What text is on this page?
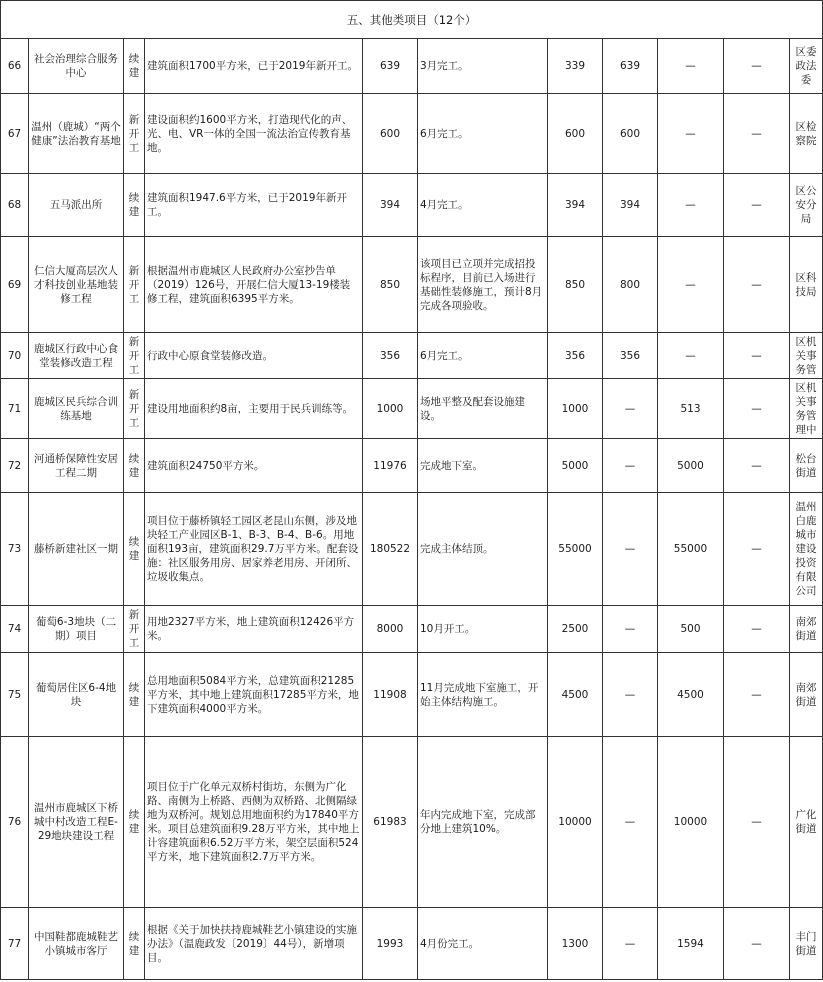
五、其他类项目（12个）										
66	社会治理综合服务中心	续建	建筑面积1700平方米，已于2019年新开工。	639	3月完工。	339	639	—	—	区委政法委
67	温州（鹿城）“两个健康”法治教育基地	新开工	建设面积约1600平方米，打造现代化的声、光、电、VR一体的全国一流法治宣传教育基地。	600	6月完工。	600	600	—	—	区检察院
68	五马派出所	续建	建筑面积1947.6平方米，已于2019年新开工。	394	4月完工。	394	394	—	—	区公安分局
69	仁信大厦高层次人才科技创业基地装修工程	新开工	根据温州市鹿城区人民政府办公室抄告单（2019）126号，开展仁信大厦13-19楼装修工程，建筑面积6395平方米。	850	该项目已立项并完成招投标程序，目前已入场进行基础性装修施工，预计8月完成各项验收。	850	800	—	—	区科技局
70	鹿城区行政中心食堂装修改造工程	新开工	行政中心原食堂装修改造。	356	6月完工。	356	356	—	—	区机关事务管
71	鹿城区民兵综合训练基地	新开工	建设用地面积约8亩，主要用于民兵训练等。	1000	场地平整及配套设施建设。	1000	—	513	—	区机关事务管理中
72	河通桥保障性安居工程二期	续建	建筑面积24750平方米。	11976	完成地下室。	5000	—	5000	—	松台街道
73	藤桥新建社区一期	续建	项目位于藤桥镇轻工园区老昆山东侧，涉及地块轻工产业园区B-1、B-3、B-4、B-6。用地面积193亩，建筑面积29.7万平方米。配套设施：社区服务用房、居家养老用房、开闭所、垃圾收集点。	180522	完成主体结顶。	55000	—	55000	—	温州白鹿城市建设投资有限公司
74	葡萄6-3地块（二期）项目	新开工	用地2327平方米，地上建筑面积12426平方米。	8000	10月开工。	2500	—	500	—	南郊街道
75	葡萄居住区6-4地块	续建	总用地面积5084平方米，总建筑面积21285平方米，其中地上建筑面积17285平方米，地下建筑面积4000平方米。	11908	11月完成地下室施工，开始主体结构施工。	4500	—	4500	—	南郊街道
76	温州市鹿城区下桥城中村改造工程E-29地块建设工程	续建	项目位于广化单元双桥村街坊，东侧为广化路、南侧为上桥路、西侧为双桥路、北侧隔绿地为双桥河。规划总用地面积约为17840平方米。项目总建筑面积9.28万平方米，其中地上计容建筑面积6.52万平方米，架空层面积524平方米，地下建筑面积2.7万平方米。	61983	年内完成地下室，完成部分地上建筑10%。	10000	—	10000	—	广化街道
77	中国鞋都鹿城鞋艺小镇城市客厅	续建	根据《关于加快扶持鹿城鞋艺小镇建设的实施办法》（温鹿政发〔2019〕44号），新增项目。	1993	4月份完工。	1300	—	1594	—	丰门街道
